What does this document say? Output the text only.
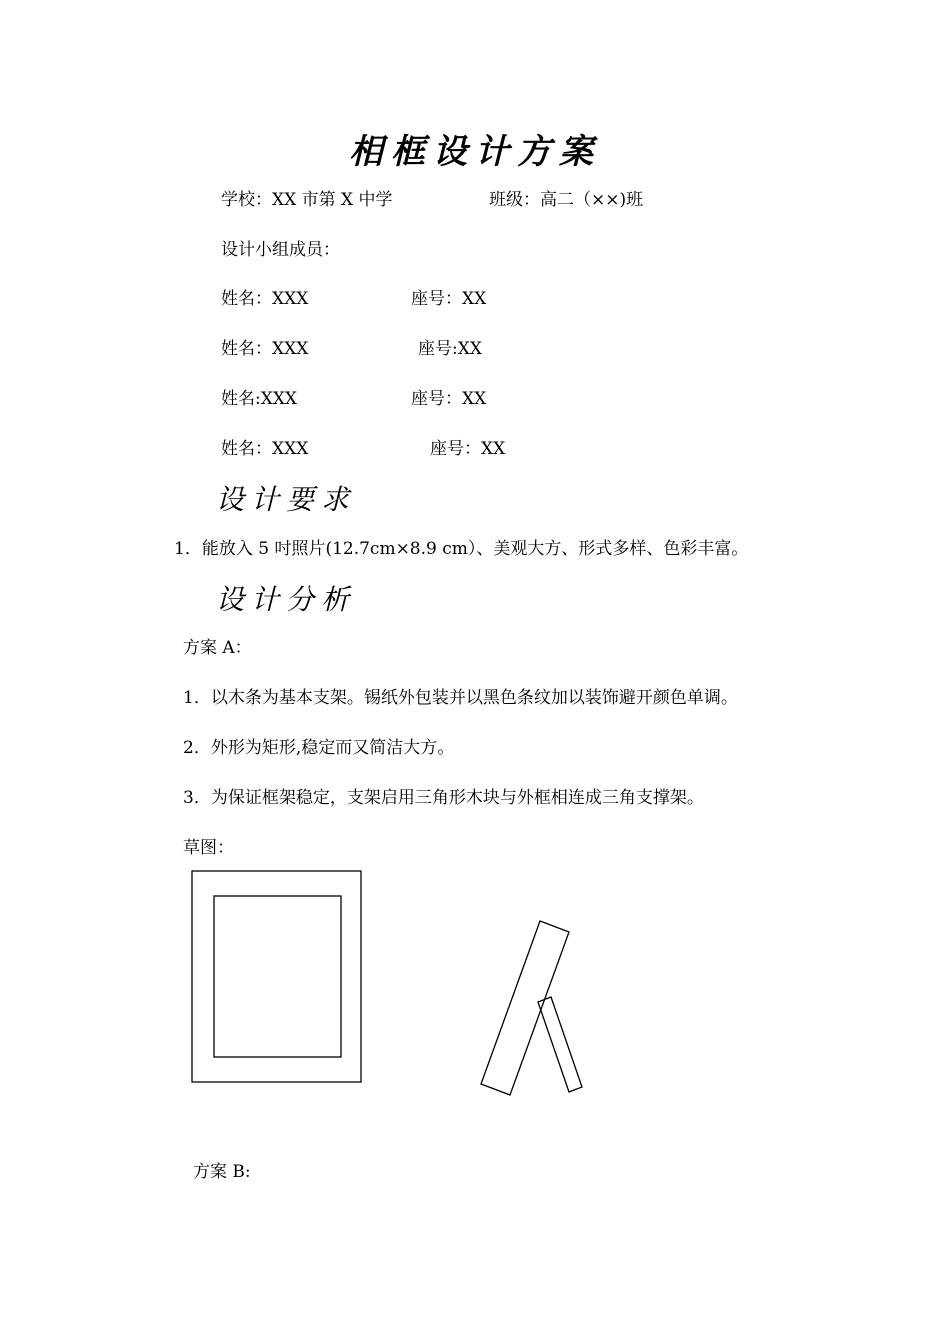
相框设计方案
学校：XX 市第 X 中学	班级：高二（××)班
设计小组成员：
姓名：XXX	座号：XX
姓名：XXX	座号:XX
姓名:XXX	座号：XX
姓名：XXX	座号：XX
设计要求
1．能放入 5 吋照片(12.7cm×8.9 cm）、美观大方、形式多样、色彩丰富。
设计分析
方案 A：
1．以木条为基本支架。锡纸外包装并以黑色条纹加以装饰避开颜色单调。
2．外形为矩形,稳定而又简洁大方。
3．为保证框架稳定，支架启用三角形木块与外框相连成三角支撑架。
草图：
方案 B:
